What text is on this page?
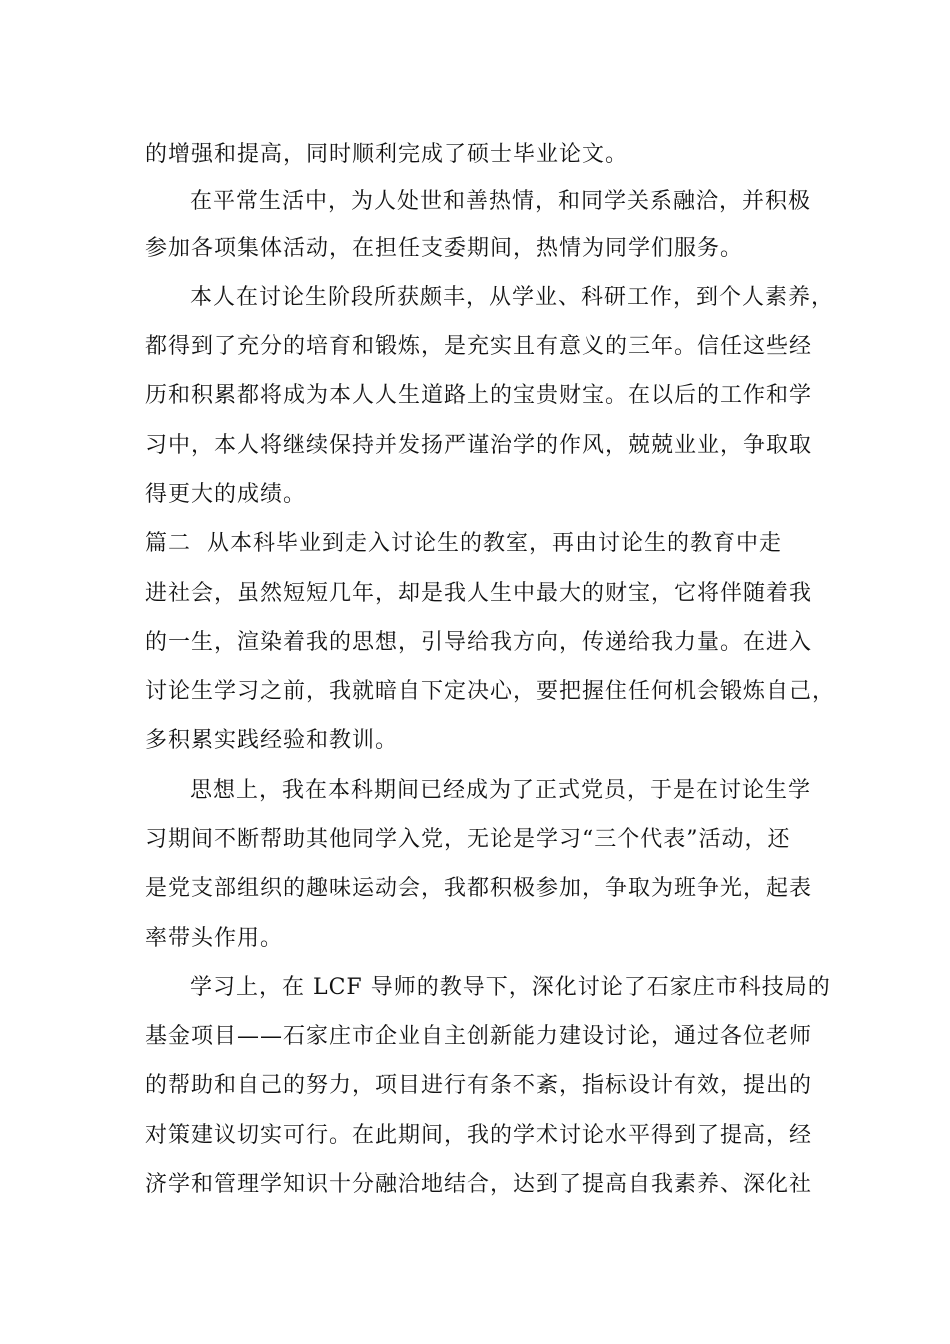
的增强和提高，同时顺利完成了硕士毕业论文。
在平常生活中，为人处世和善热情，和同学关系融洽，并积极
参加各项集体活动，在担任支委期间，热情为同学们服务。
本人在讨论生阶段所获颇丰，从学业、科研工作，到个人素养，
都得到了充分的培育和锻炼，是充实且有意义的三年。信任这些经
历和积累都将成为本人人生道路上的宝贵财宝。在以后的工作和学
习中，本人将继续保持并发扬严谨治学的作风，兢兢业业，争取取
得更大的成绩。
篇二 从本科毕业到走入讨论生的教室，再由讨论生的教育中走
进社会，虽然短短几年，却是我人生中最大的财宝，它将伴随着我
的一生，渲染着我的思想，引导给我方向，传递给我力量。在进入
讨论生学习之前，我就暗自下定决心，要把握住任何机会锻炼自己，
多积累实践经验和教训。
思想上，我在本科期间已经成为了正式党员，于是在讨论生学
习期间不断帮助其他同学入党，无论是学习“三个代表”活动，还
是党支部组织的趣味运动会，我都积极参加，争取为班争光，起表
率带头作用。
学习上，在 LCF 导师的教导下，深化讨论了石家庄市科技局的
基金项目——石家庄市企业自主创新能力建设讨论，通过各位老师
的帮助和自己的努力，项目进行有条不紊，指标设计有效，提出的
对策建议切实可行。在此期间，我的学术讨论水平得到了提高，经
济学和管理学知识十分融洽地结合，达到了提高自我素养、深化社
